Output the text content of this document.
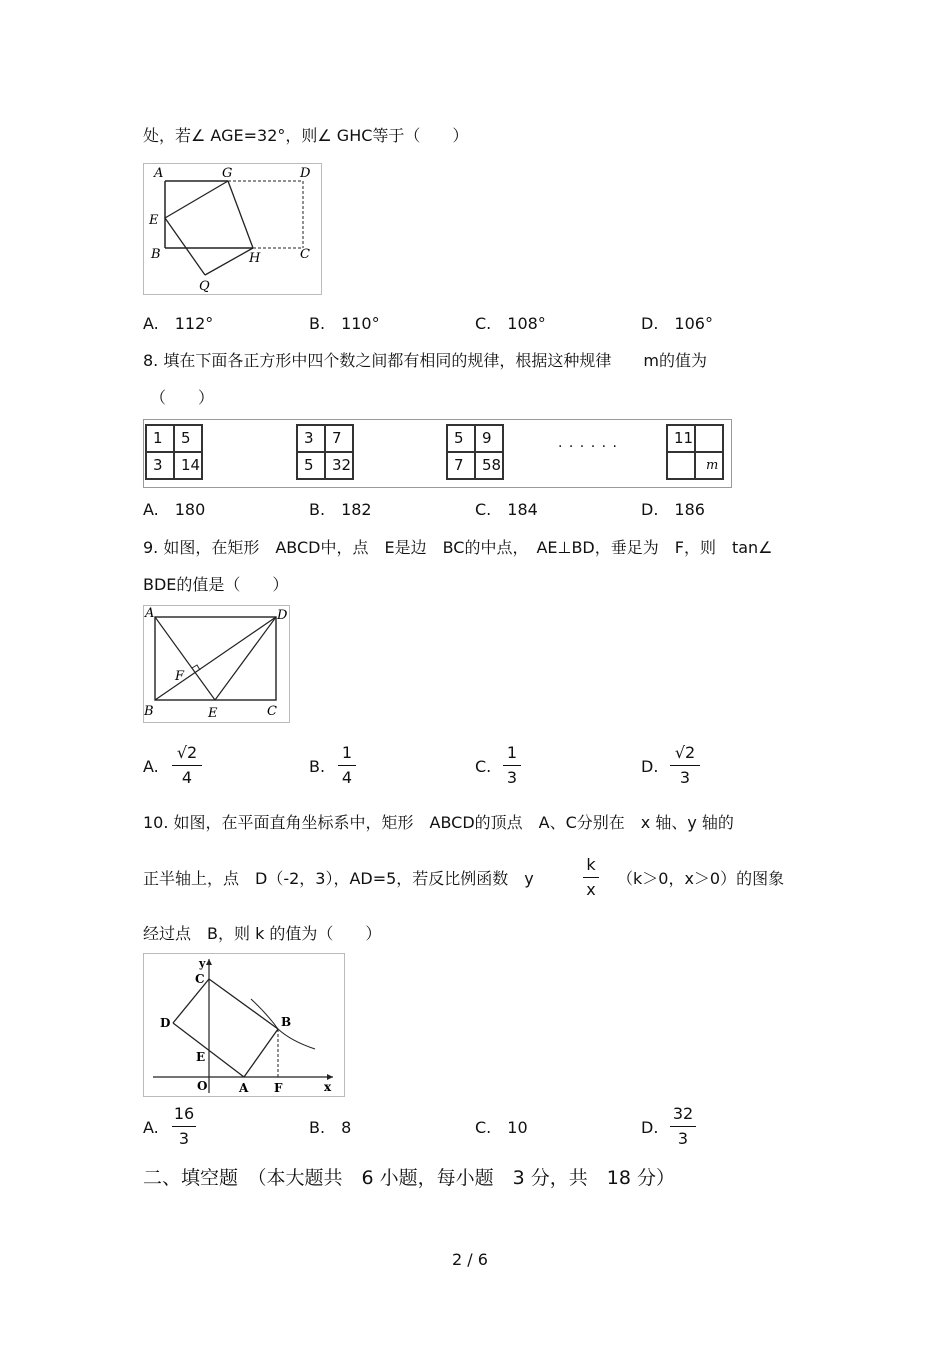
处，若∠ AGE=32°，则∠ GHC等于（　　）
A	G	D
E
B	H	C
Q
A.　112°	B.　110°	C.　108°	D.　106°
8. 填在下面各正方形中四个数之间都有相同的规律，根据这种规律　　m的值为
（　　）
1	5
3	14
3	7
5	32
5	9
7	58
· · · · · ·	11
m
A.　180	B.　182	C.　184	D.　186
9. 如图，在矩形　ABCD中，点　E是边　BC的中点，　AE⊥BD，垂足为　F，则　tan∠
BDE的值是（　　）
A	D
F
B	E	C
A.
√2
4
B.
1
4
C.
1
3
D.
√2
3
10. 如图，在平面直角坐标系中，矩形　ABCD的顶点　A、C分别在　x 轴、y 轴的
正半轴上，点　D（-2，3），AD=5，若反比例函数　y
k
x
（k＞0，x＞0）的图象
经过点　B，则 k 的值为（　　）
y
C
D	B
E
O	A F	x
A.
16
3
B.　8	C.　10	D.
32
3
二、填空题　（本大题共　6 小题，每小题　3 分，共　18 分）
2 / 6
